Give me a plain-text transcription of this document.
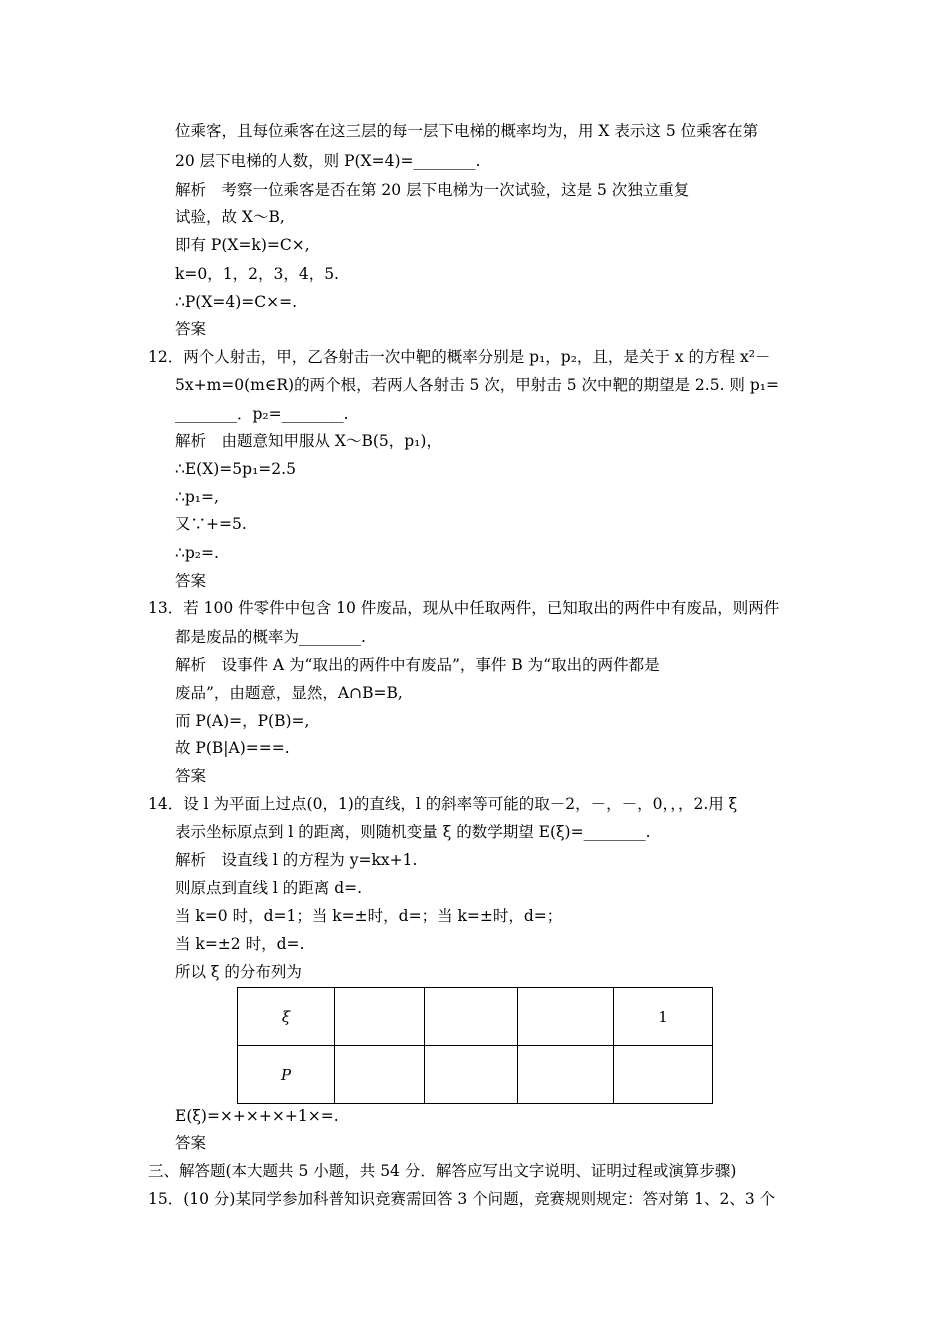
位乘客，且每位乘客在这三层的每一层下电梯的概率均为，用 X 表示这 5 位乘客在第
20 层下电梯的人数，则 P(X=4)=________.
解析　考察一位乘客是否在第 20 层下电梯为一次试验，这是 5 次独立重复
试验，故 X～B,
即有 P(X=k)=C×,
k=0，1，2，3，4，5.
∴P(X=4)=C×=.
答案
12．两个人射击，甲，乙各射击一次中靶的概率分别是 p₁，p₂，且，是关于 x 的方程 x²－
5x+m=0(m∈R)的两个根，若两人各射击 5 次，甲射击 5 次中靶的期望是 2.5. 则 p₁=
________．p₂=________.
解析　由题意知甲服从 X～B(5，p₁)，
∴E(X)=5p₁=2.5
∴p₁=,
又∵+=5.
∴p₂=.
答案
13．若 100 件零件中包含 10 件废品，现从中任取两件，已知取出的两件中有废品，则两件
都是废品的概率为________.
解析　设事件 A 为“取出的两件中有废品”，事件 B 为“取出的两件都是
废品”，由题意，显然，A∩B=B,
而 P(A)=，P(B)=,
故 P(B|A)===.
答案
14．设 l 为平面上过点(0，1)的直线，l 的斜率等可能的取－2，－，－，0，，，2.用 ξ
表示坐标原点到 l 的距离，则随机变量 ξ 的数学期望 E(ξ)=________.
解析　设直线 l 的方程为 y=kx+1.
则原点到直线 l 的距离 d=.
当 k=0 时，d=1；当 k=±时，d=；当 k=±时，d=；
当 k=±2 时，d=.
所以 ξ 的分布列为
ξ				1
P				
E(ξ)=×+×+×+1×=.
答案
三、解答题(本大题共 5 小题，共 54 分．解答应写出文字说明、证明过程或演算步骤)
15．(10 分)某同学参加科普知识竞赛需回答 3 个问题，竞赛规则规定：答对第 1、2、3 个
